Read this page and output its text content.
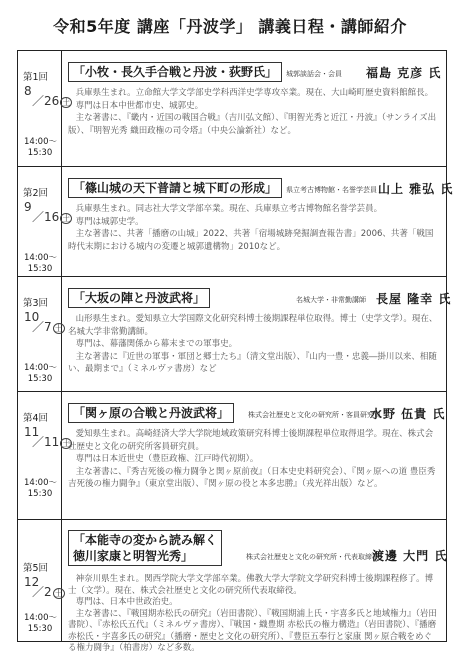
令和5年度 講座「丹波学」 講義日程・講師紹介
第1回
8
／26 土
14:00～
15:30
「小牧・長久手合戦と丹波・荻野氏」 城郭談話会・会員 福島 克彦 氏

兵庫県生まれ。立命館大学文学部史学科西洋史学専攻卒業。現在、大山崎町歴史資料館館長。

専門は日本中世都市史、城郭史。

主な著書に、『畿内・近国の戦国合戦』（吉川弘文館）、『明智光秀と近江・丹波』（サンライズ出版）、『明智光秀 織田政権の司令塔』（中央公論新社）など。

第2回
9
／16 土
14:00～
15:30
「篠山城の天下普請と城下町の形成」 県立考古博物館・名誉学芸員 山上 雅弘 氏

兵庫県生まれ。同志社大学文学部卒業。現在、兵庫県立考古博物館名誉学芸員。

専門は城郭史学。

主な著書に、共著「播磨の山城」2022、共著「宿場城跡発掘調査報告書」2006、共著「戦国時代末期における城内の変遷と城郭遺構物」2010など。

第3回
10
／7 土
14:00～
15:30
「大坂の陣と丹波武将」	名城大学・非常勤講師 長屋 隆幸 氏

山形県生まれ。愛知県立大学国際文化研究科博士後期課程単位取得。博士（史学文学）。現在、名城大学非常勤講師。

専門は、幕藩関係から幕末までの軍事史。

主な著書に『近世の軍事・軍団と郷士たち』（清文堂出版）、『山内一豊・忠義―掛川以来、相随い、最期まで』（ミネルヴァ書房）など

第4回
11
／11 土
14:00～
15:30
「関ヶ原の合戦と丹波武将」	株式会社歴史と文化の研究所・客員研究員
水野 伍貴 氏

愛知県生まれ。高崎経済大学大学院地域政策研究科博士後期課程単位取得退学。現在、株式会社歴史と文化の研究所客員研究員。

専門は日本近世史（豊臣政権、江戸時代初期）。

主な著書に、『秀吉死後の権力闘争と関ヶ原前夜』（日本史史料研究会）、『関ヶ原への道 豊臣秀吉死後の権力闘争』（東京堂出版）、『関ヶ原の役と本多忠勝』（戎光祥出版）など。

第5回
12
／2 土
14:00～
15:30
「本能寺の変から読み解く
徳川家康と明智光秀」	株式会社歴史と文化の研究所・代表取締役
渡邊 大門 氏

神奈川県生まれ。関西学院大学文学部卒業。佛教大学大学院文学研究科博士後期課程修了。博士（文学）。現在、株式会社歴史と文化の研究所代表取締役。

専門は、日本中世政治史。

主な著書に、『戦国期赤松氏の研究』（岩田書院）、『戦国期浦上氏・宇喜多氏と地域権力』（岩田書院）、『赤松氏五代』（ミネルヴァ書房）、『戦国・織豊期 赤松氏の権力構造』（岩田書院）、『播磨 赤松氏・宇喜多氏の研究』（播磨・歴史と文化の研究所）、『豊臣五奉行と家康 関ヶ原合戦をめぐる権力闘争』（柏書房）など多数。
